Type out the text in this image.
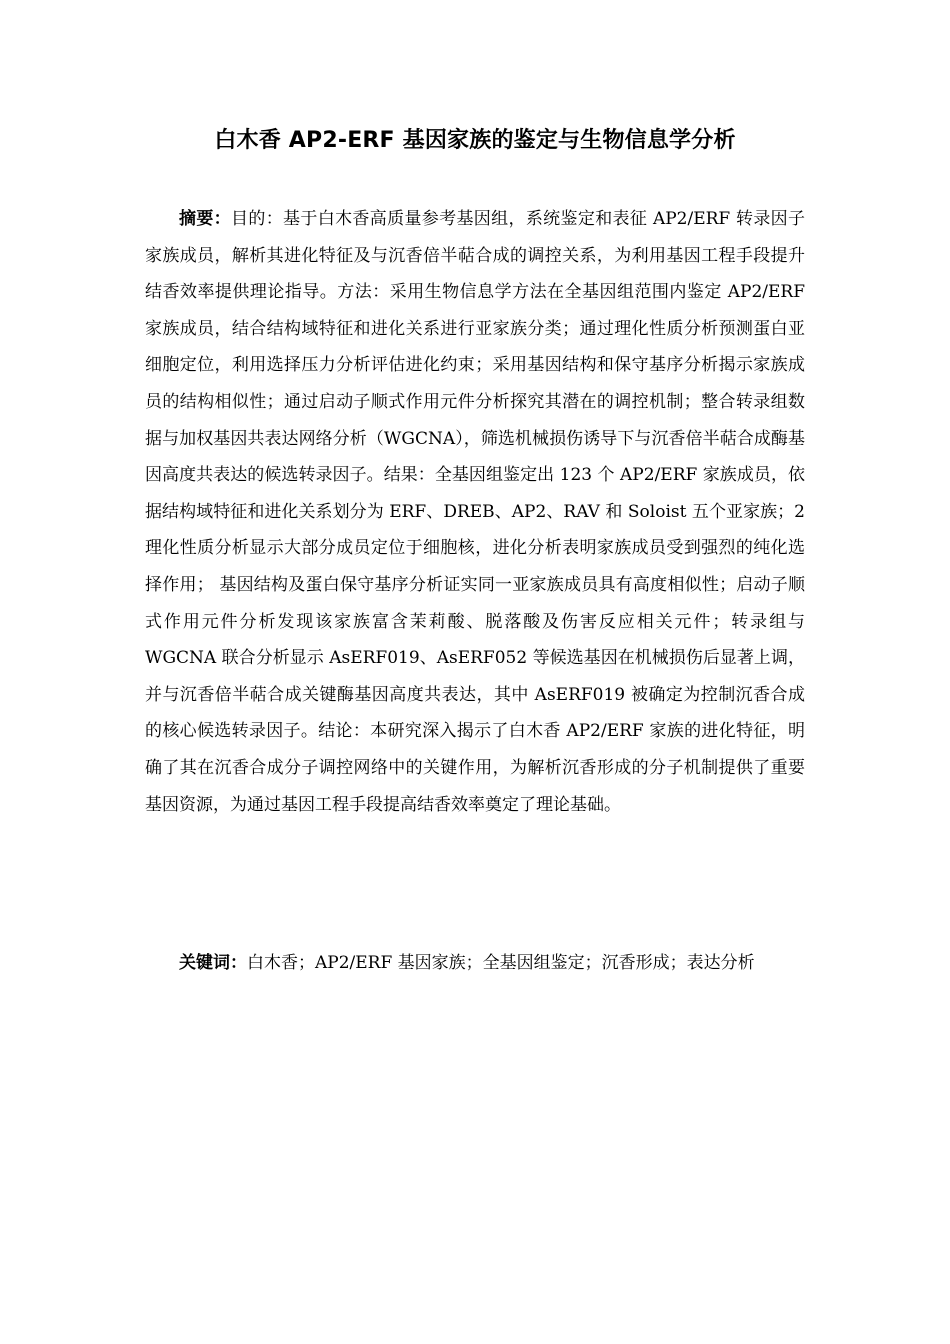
白木香 AP2-ERF 基因家族的鉴定与生物信息学分析

摘要：目的：基于白木香高质量参考基因组，系统鉴定和表征 AP2/ERF 转录因子家族成员，解析其进化特征及与沉香倍半萜合成的调控关系，为利用基因工程手段提升结香效率提供理论指导。方法：采用生物信息学方法在全基因组范围内鉴定 AP2/ERF 家族成员，结合结构域特征和进化关系进行亚家族分类；通过理化性质分析预测蛋白亚细胞定位，利用选择压力分析评估进化约束；采用基因结构和保守基序分析揭示家族成员的结构相似性；通过启动子顺式作用元件分析探究其潜在的调控机制；整合转录组数据与加权基因共表达网络分析（WGCNA），筛选机械损伤诱导下与沉香倍半萜合成酶基因高度共表达的候选转录因子。结果：全基因组鉴定出 123 个 AP2/ERF 家族成员，依据结构域特征和进化关系划分为 ERF、DREB、AP2、RAV 和 Soloist 五个亚家族；2 理化性质分析显示大部分成员定位于细胞核，进化分析表明家族成员受到强烈的纯化选择作用； 基因结构及蛋白保守基序分析证实同一亚家族成员具有高度相似性；启动子顺式作用元件分析发现该家族富含茉莉酸、脱落酸及伤害反应相关元件；转录组与 WGCNA 联合分析显示 AsERF019、AsERF052 等候选基因在机械损伤后显著上调，并与沉香倍半萜合成关键酶基因高度共表达，其中 AsERF019 被确定为控制沉香合成的核心候选转录因子。结论：本研究深入揭示了白木香 AP2/ERF 家族的进化特征，明确了其在沉香合成分子调控网络中的关键作用，为解析沉香形成的分子机制提供了重要基因资源，为通过基因工程手段提高结香效率奠定了理论基础。

关键词：白木香；AP2/ERF 基因家族；全基因组鉴定；沉香形成；表达分析
